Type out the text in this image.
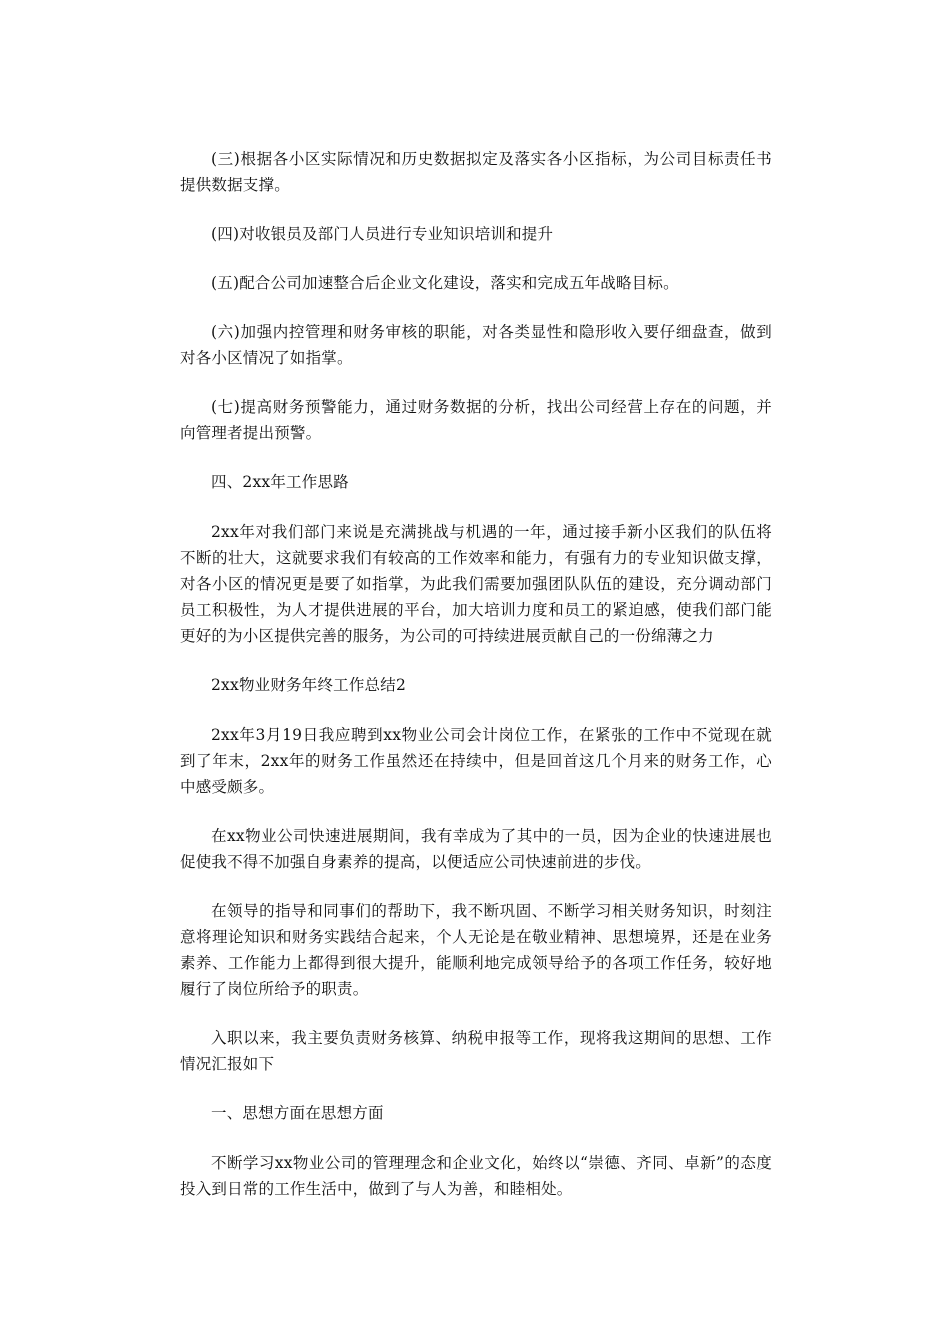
(三)根据各小区实际情况和历史数据拟定及落实各小区指标，为公司目标责任书提供数据支撑。

(四)对收银员及部门人员进行专业知识培训和提升

(五)配合公司加速整合后企业文化建设，落实和完成五年战略目标。

(六)加强内控管理和财务审核的职能，对各类显性和隐形收入要仔细盘查，做到对各小区情况了如指掌。

(七)提高财务预警能力，通过财务数据的分析，找出公司经营上存在的问题，并向管理者提出预警。

四、2xx年工作思路

2xx年对我们部门来说是充满挑战与机遇的一年，通过接手新小区我们的队伍将不断的壮大，这就要求我们有较高的工作效率和能力，有强有力的专业知识做支撑，对各小区的情况更是要了如指掌，为此我们需要加强团队队伍的建设，充分调动部门员工积极性，为人才提供进展的平台，加大培训力度和员工的紧迫感，使我们部门能更好的为小区提供完善的服务，为公司的可持续进展贡献自己的一份绵薄之力

2xx物业财务年终工作总结2

2xx年3月19日我应聘到xx物业公司会计岗位工作，在紧张的工作中不觉现在就到了年末，2xx年的财务工作虽然还在持续中，但是回首这几个月来的财务工作，心中感受颇多。

在xx物业公司快速进展期间，我有幸成为了其中的一员，因为企业的快速进展也促使我不得不加强自身素养的提高，以便适应公司快速前进的步伐。

在领导的指导和同事们的帮助下，我不断巩固、不断学习相关财务知识，时刻注意将理论知识和财务实践结合起来，个人无论是在敬业精神、思想境界，还是在业务素养、工作能力上都得到很大提升，能顺利地完成领导给予的各项工作任务，较好地履行了岗位所给予的职责。

入职以来，我主要负责财务核算、纳税申报等工作，现将我这期间的思想、工作情况汇报如下

一、思想方面在思想方面

不断学习xx物业公司的管理理念和企业文化，始终以“崇德、齐同、卓新”的态度投入到日常的工作生活中，做到了与人为善，和睦相处。
